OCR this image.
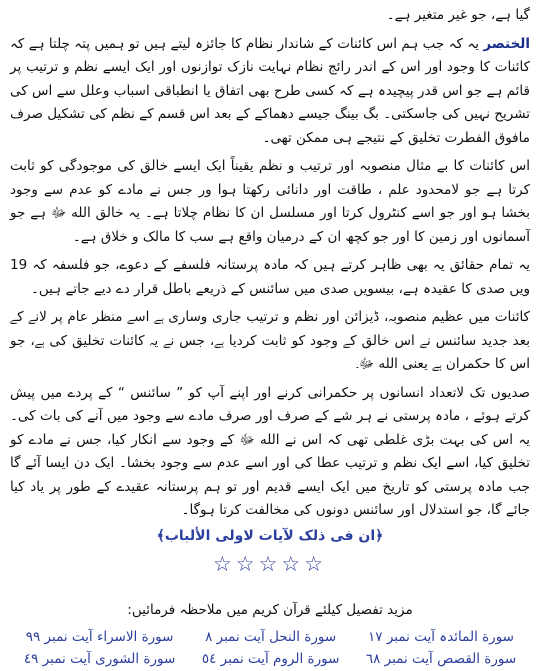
گیا ہے، جو غیر متغیر ہے۔

الختصر یہ کہ جب ہم اس کائنات کے شاندار نظام کا جائزہ لیتے ہیں تو ہمیں پتہ چلتا ہے کہ کائنات کا وجود اور اس کے اندر رائج نظام نہایت نازک توازنوں اور ایک ایسے نظم و ترتیب پر قائم ہے جو اس قدر پیچیدہ ہے کہ کسی طرح بھی اتفاق یا انطباقی اسباب وعلل سے اس کی تشریح نہیں کی جاسکتی۔ بگ بینگ جیسے دھماکے کے بعد اس قسم کے نظم کی تشکیل صرف مافوق الفطرت تخلیق کے نتیجے ہی ممکن تھی۔

اس کائنات کا بے مثال منصوبہ اور ترتیب و نظم یقیناً ایک ایسے خالق کی موجودگی کو ثابت کرتا ہے جو لامحدود علم ، طاقت اور دانائی رکھتا ہوا ور جس نے مادے کو عدم سے وجود بخشا ہو اور جو اسے کنٹرول کرتا اور مسلسل ان کا نظام چلاتا ہے۔ یہ خالق الله ﷻ ہے جو آسمانوں اور زمین کا اور جو کچھ ان کے درمیان واقع ہے سب کا مالک و خلاق ہے۔

یہ تمام حقائق یہ بھی ظاہر کرتے ہیں کہ مادہ پرستانہ فلسفے کے دعوے، جو فلسفہ کہ 19 ویں صدی کا عقیدہ ہے، بیسویں صدی میں سائنس کے ذریعے باطل قرار دے دیے جاتے ہیں۔

کائنات میں عظیم منصوبہ، ڈیزائن اور نظم و ترتیب جاری وساری ہے اسے منظر عام پر لانے کے بعد جدید سائنس نے اس خالق کے وجود کو ثابت کردیا ہے، جس نے یہ کائنات تخلیق کی ہے، جو اس کا حکمران ہے یعنی الله ﷻ۔

صدیوں تک لاتعداد انسانوں پر حکمرانی کرنے اور اپنے آپ کو ” سائنس “ کے پردے میں پیش کرتے ہوئے ، مادہ پرستی نے ہر شے کے صرف اور صرف مادے سے وجود میں آنے کی بات کی۔ یہ اس کی بہت بڑی غلطی تھی کہ اس نے الله ﷻ کے وجود سے انکار کیا، جس نے مادے کو تخلیق کیا، اسے ایک نظم و ترتیب عطا کی اور اسے عدم سے وجود بخشا۔ ایک دن ایسا آئے گا جب مادہ پرستی کو تاریخ میں ایک ایسے قدیم اور تو ہم پرستانہ عقیدے کے طور پر یاد کیا جائے گا، جو استدلال اور سائنس دونوں کی مخالفت کرتا ہوگا۔

﴿ان فی ذلک لآیات لاولی الألباب﴾
☆☆☆☆☆
مزید تفصیل کیلئے قرآن کریم میں ملاحظہ فرمائیں:
سورة المائدہ آیت نمبر ١٧	سورة النحل آیت نمبر ٨	سورة الاسراء آیت نمبر ٩٩
سورة القصص آیت نمبر ٦٨	سورة الروم آیت نمبر ٥٤	سورة الشوری آیت نمبر ٤٩
